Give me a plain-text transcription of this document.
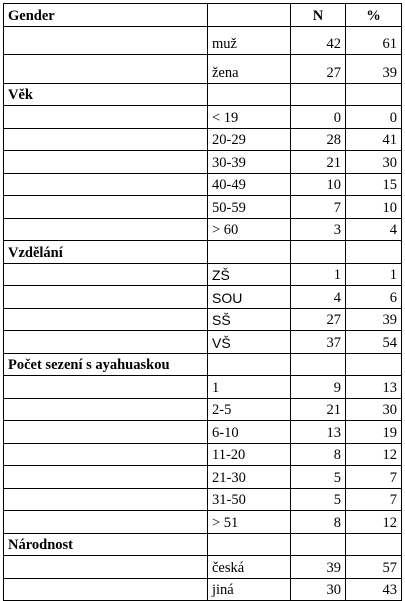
Gender		N	%
	muž	42	61
	žena	27	39
Věk			
	< 19	0	0
	20-29	28	41
	30-39	21	30
	40-49	10	15
	50-59	7	10
	> 60	3	4
Vzdělání			
	ZŠ	1	1
	SOU	4	6
	SŠ	27	39
	VŠ	37	54
Počet sezení s ayahuaskou			
	1	9	13
	2-5	21	30
	6-10	13	19
	11-20	8	12
	21-30	5	7
	31-50	5	7
	> 51	8	12
Národnost			
	česká	39	57
	jiná	30	43
